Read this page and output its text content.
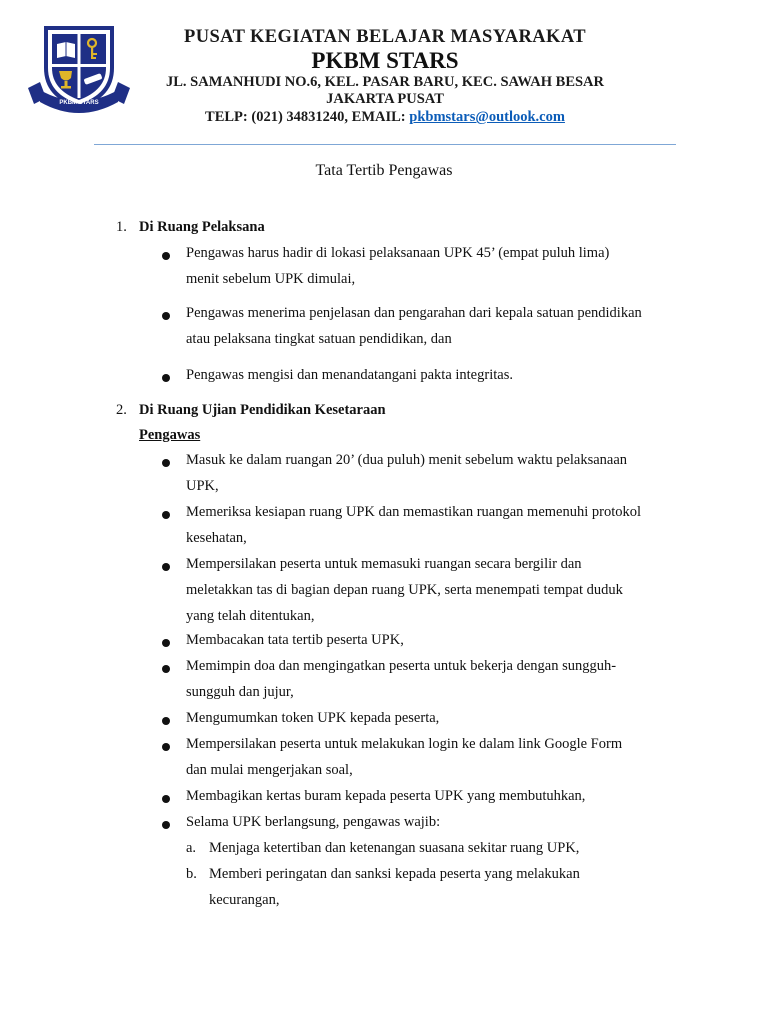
PKBM STARS
PUSAT KEGIATAN BELAJAR MASYARAKAT
PKBM STARS
JL. SAMANHUDI NO.6, KEL. PASAR BARU, KEC. SAWAH BESAR
JAKARTA PUSAT
TELP: (021) 34831240, EMAIL: pkbmstars@outlook.com
Tata Tertib Pengawas
1. Di Ruang Pelaksana
Pengawas harus hadir di lokasi pelaksanaan UPK 45’ (empat puluh lima)
menit sebelum UPK dimulai,
Pengawas menerima penjelasan dan pengarahan dari kepala satuan pendidikan
atau pelaksana tingkat satuan pendidikan, dan
Pengawas mengisi dan menandatangani pakta integritas.
2. Di Ruang Ujian Pendidikan Kesetaraan
Pengawas
Masuk ke dalam ruangan 20’ (dua puluh) menit sebelum waktu pelaksanaan
UPK,
Memeriksa kesiapan ruang UPK dan memastikan ruangan memenuhi protokol
kesehatan,
Mempersilakan peserta untuk memasuki ruangan secara bergilir dan
meletakkan tas di bagian depan ruang UPK, serta menempati tempat duduk
yang telah ditentukan,
Membacakan tata tertib peserta UPK,
Memimpin doa dan mengingatkan peserta untuk bekerja dengan sungguh-
sungguh dan jujur,
Mengumumkan token UPK kepada peserta,
Mempersilakan peserta untuk melakukan login ke dalam link Google Form
dan mulai mengerjakan soal,
Membagikan kertas buram kepada peserta UPK yang membutuhkan,
Selama UPK berlangsung, pengawas wajib:
a. Menjaga ketertiban dan ketenangan suasana sekitar ruang UPK,
b. Memberi peringatan dan sanksi kepada peserta yang melakukan
kecurangan,
